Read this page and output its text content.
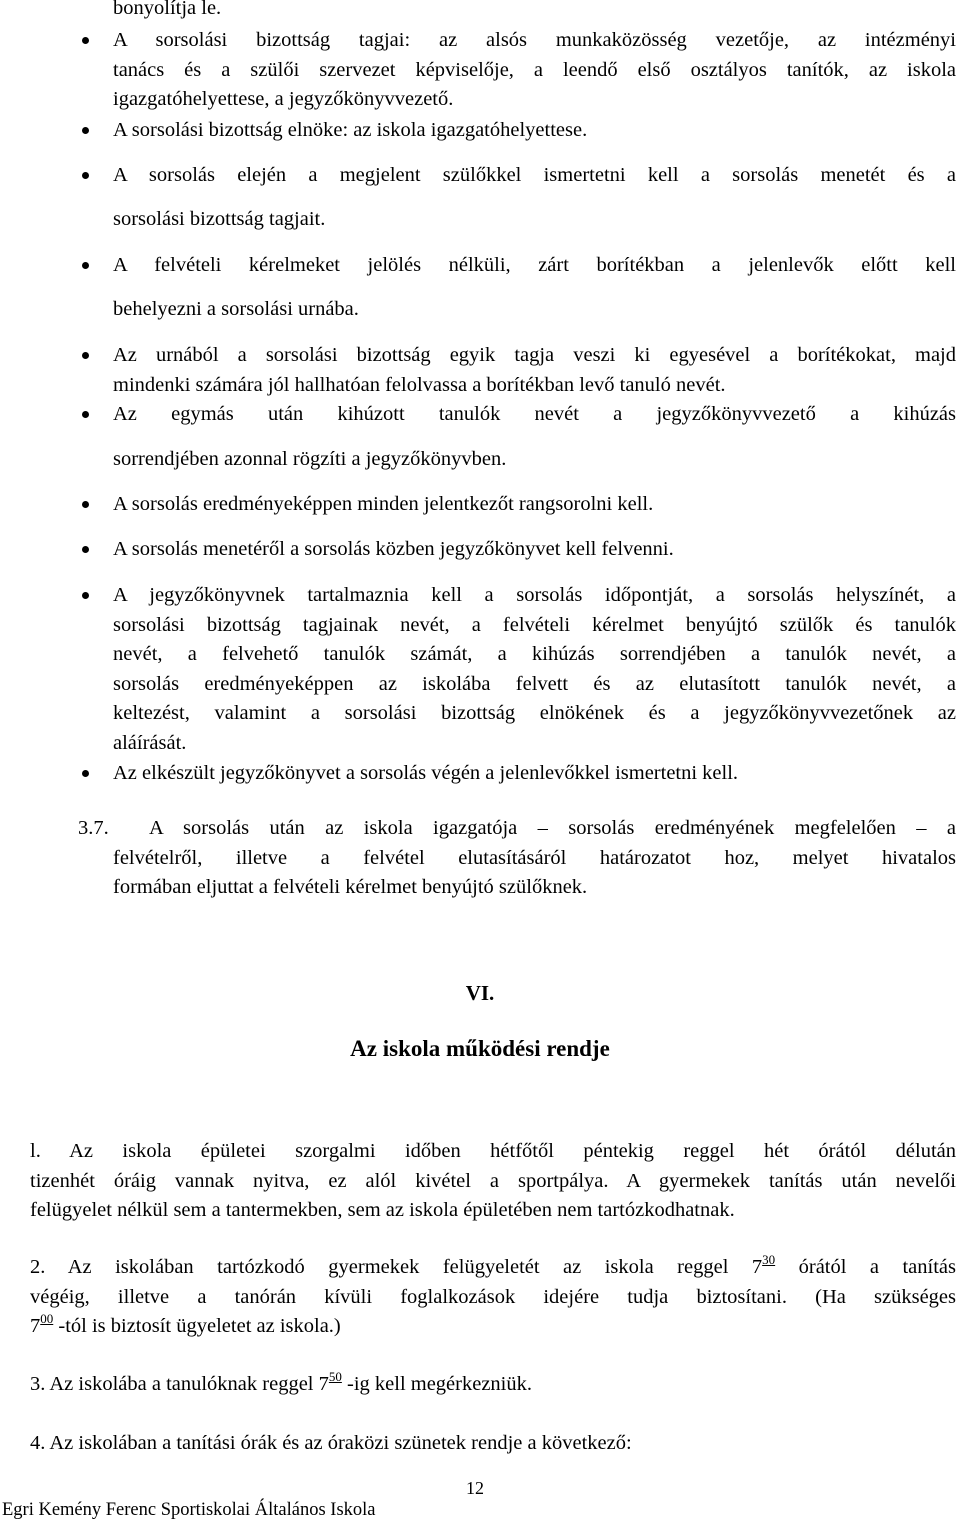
bonyolítja le.
A sorsolási bizottság tagjai: az alsós munkaközösség vezetője, az intézményi
tanács és a szülői szervezet képviselője, a leendő első osztályos tanítók, az iskola
igazgatóhelyettese, a jegyzőkönyvvezető.
A sorsolási bizottság elnöke: az iskola igazgatóhelyettese.
A sorsolás elején a megjelent szülőkkel ismertetni kell a sorsolás menetét és a
sorsolási bizottság tagjait.
A felvételi kérelmeket jelölés nélküli, zárt borítékban a jelenlevők előtt kell
behelyezni a sorsolási urnába.
Az urnából a sorsolási bizottság egyik tagja veszi ki egyesével a borítékokat, majd
mindenki számára jól hallhatóan felolvassa a borítékban levő tanuló nevét.
Az egymás után kihúzott tanulók nevét a jegyzőkönyvvezető a kihúzás
sorrendjében azonnal rögzíti a jegyzőkönyvben.
A sorsolás eredményeképpen minden jelentkezőt rangsorolni kell.
A sorsolás menetéről a sorsolás közben jegyzőkönyvet kell felvenni.
A jegyzőkönyvnek tartalmaznia kell a sorsolás időpontját, a sorsolás helyszínét, a
sorsolási bizottság tagjainak nevét, a felvételi kérelmet benyújtó szülők és tanulók
nevét, a felvehető tanulók számát, a kihúzás sorrendjében a tanulók nevét, a
sorsolás eredményeképpen az iskolába felvett és az elutasított tanulók nevét, a
keltezést, valamint a sorsolási bizottság elnökének és a jegyzőkönyvvezetőnek az
aláírását.
Az elkészült jegyzőkönyvet a sorsolás végén a jelenlevőkkel ismertetni kell.
3.7.	A sorsolás után az iskola igazgatója – sorsolás eredményének megfelelően – a
felvételről, illetve a felvétel elutasításáról határozatot hoz, melyet hivatalos
formában eljuttat a felvételi kérelmet benyújtó szülőknek.
VI.
Az iskola működési rendje
l. Az iskola épületei szorgalmi időben hétfőtől péntekig reggel hét órától délután
tizenhét óráig vannak nyitva, ez alól kivétel a sportpálya. A gyermekek tanítás után nevelői
felügyelet nélkül sem a tantermekben, sem az iskola épületében nem tartózkodhatnak.
2. Az iskolában tartózkodó gyermekek felügyeletét az iskola reggel $7^{30}$ órától a tanítás
végéig, illetve a tanórán kívüli foglalkozások idejére tudja biztosítani. (Ha szükséges
$7^{00}$ -tól is biztosít ügyeletet az iskola.)
3. Az iskolába a tanulóknak reggel $7^{50}$ -ig kell megérkezniük.
4. Az iskolában a tanítási órák és az óraközi szünetek rendje a következő:
12
Egri Kemény Ferenc Sportiskolai Általános Iskola
